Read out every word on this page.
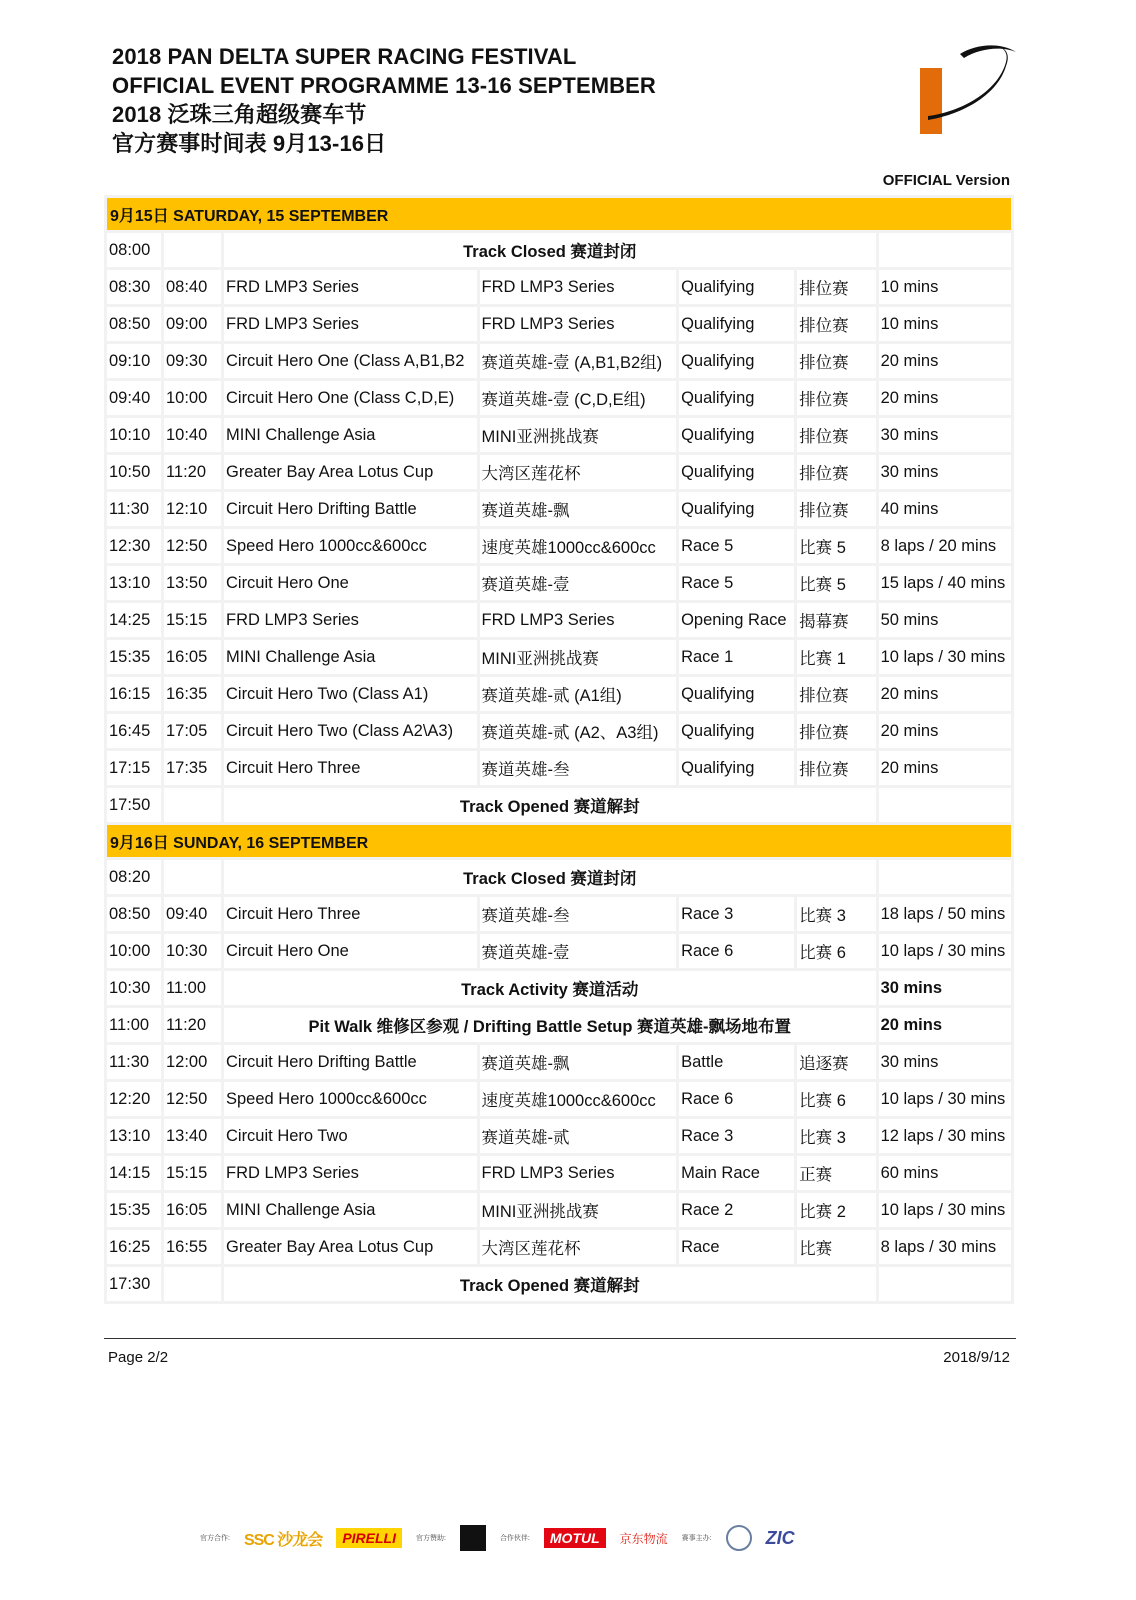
2018 PAN DELTA SUPER RACING FESTIVAL
OFFICIAL EVENT PROGRAMME 13-16 SEPTEMBER
2018 泛珠三角超级赛车节
官方赛事时间表 9月13-16日
OFFICIAL Version
9月15日 SATURDAY, 15 SEPTEMBER						
08:00		Track Closed 赛道封闭				
08:30	08:40	FRD LMP3 Series	FRD LMP3 Series	Qualifying	排位赛	10 mins
08:50	09:00	FRD LMP3 Series	FRD LMP3 Series	Qualifying	排位赛	10 mins
09:10	09:30	Circuit Hero One (Class A,B1,B2	赛道英雄-壹 (A,B1,B2组)	Qualifying	排位赛	20 mins
09:40	10:00	Circuit Hero One (Class C,D,E)	赛道英雄-壹 (C,D,E组)	Qualifying	排位赛	20 mins
10:10	10:40	MINI Challenge Asia	MINI亚洲挑战赛	Qualifying	排位赛	30 mins
10:50	11:20	Greater Bay Area Lotus Cup	大湾区莲花杯	Qualifying	排位赛	30 mins
11:30	12:10	Circuit Hero Drifting Battle	赛道英雄-飘	Qualifying	排位赛	40 mins
12:30	12:50	Speed Hero 1000cc&600cc	速度英雄1000cc&600cc	Race 5	比赛 5	8 laps / 20 mins
13:10	13:50	Circuit Hero One	赛道英雄-壹	Race 5	比赛 5	15 laps / 40 mins
14:25	15:15	FRD LMP3 Series	FRD LMP3 Series	Opening Race	揭幕赛	50 mins
15:35	16:05	MINI Challenge Asia	MINI亚洲挑战赛	Race 1	比赛 1	10 laps / 30 mins
16:15	16:35	Circuit Hero Two (Class A1)	赛道英雄-贰 (A1组)	Qualifying	排位赛	20 mins
16:45	17:05	Circuit Hero Two (Class A2\A3)	赛道英雄-贰 (A2、A3组)	Qualifying	排位赛	20 mins
17:15	17:35	Circuit Hero Three	赛道英雄-叁	Qualifying	排位赛	20 mins
17:50		Track Opened 赛道解封				
9月16日 SUNDAY, 16 SEPTEMBER						
08:20		Track Closed 赛道封闭				
08:50	09:40	Circuit Hero Three	赛道英雄-叁	Race 3	比赛 3	18 laps / 50 mins
10:00	10:30	Circuit Hero One	赛道英雄-壹	Race 6	比赛 6	10 laps / 30 mins
10:30	11:00	Track Activity 赛道活动				30 mins
11:00	11:20	Pit Walk 维修区参观 / Drifting Battle Setup 赛道英雄-飘场地布置				20 mins
11:30	12:00	Circuit Hero Drifting Battle	赛道英雄-飘	Battle	追逐赛	30 mins
12:20	12:50	Speed Hero 1000cc&600cc	速度英雄1000cc&600cc	Race 6	比赛 6	10 laps / 30 mins
13:10	13:40	Circuit Hero Two	赛道英雄-贰	Race 3	比赛 3	12 laps / 30 mins
14:15	15:15	FRD LMP3 Series	FRD LMP3 Series	Main Race	正赛	60 mins
15:35	16:05	MINI Challenge Asia	MINI亚洲挑战赛	Race 2	比赛 2	10 laps / 30 mins
16:25	16:55	Greater Bay Area Lotus Cup	大湾区莲花杯	Race	比赛	8 laps / 30 mins
17:30		Track Opened 赛道解封				
Page 2/2	2018/9/12
官方合作: SSC 沙龙会	PIRELLI	官方赞助:	合作伙伴:	MOTUL	京东物流 赛事主办:	ZIC
